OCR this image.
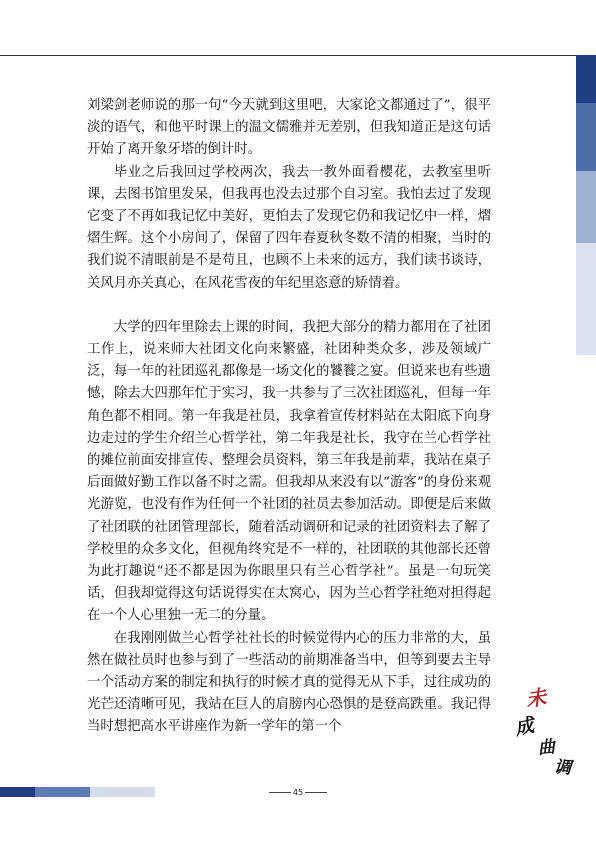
刘梁剑老师说的那一句“今天就到这里吧，大家论文都通过了”，很平淡的语气，和他平时课上的温文儒雅并无差别，但我知道正是这句话开始了离开象牙塔的倒计时。

毕业之后我回过学校两次，我去一教外面看樱花，去教室里听课，去图书馆里发呆，但我再也没去过那个自习室。我怕去过了发现它变了不再如我记忆中美好，更怕去了发现它仍和我记忆中一样，熠熠生辉。这个小房间了，保留了四年春夏秋冬数不清的相聚，当时的我们说不清眼前是不是苟且，也顾不上未来的远方，我们读书谈诗，关风月亦关真心，在风花雪夜的年纪里恣意的矫情着。

大学的四年里除去上课的时间，我把大部分的精力都用在了社团工作上，说来师大社团文化向来繁盛，社团种类众多，涉及领域广泛，每一年的社团巡礼都像是一场文化的饕餮之宴。但说来也有些遗憾，除去大四那年忙于实习，我一共参与了三次社团巡礼，但每一年角色都不相同。第一年我是社员，我拿着宣传材料站在太阳底下向身边走过的学生介绍兰心哲学社，第二年我是社长，我守在兰心哲学社的摊位前面安排宣传、整理会员资料，第三年我是前辈，我站在桌子后面做好勤工作以备不时之需。但我却从来没有以“游客”的身份来观光游览，也没有作为任何一个社团的社员去参加活动。即便是后来做了社团联的社团管理部长，随着活动调研和记录的社团资料去了解了学校里的众多文化，但视角终究是不一样的，社团联的其他部长还曾为此打趣说“还不都是因为你眼里只有兰心哲学社”。虽是一句玩笑话，但我却觉得这句话说得实在太窝心，因为兰心哲学社绝对担得起在一个人心里独一无二的分量。

在我刚刚做兰心哲学社社长的时候觉得内心的压力非常的大，虽然在做社员时也参与到了一些活动的前期准备当中，但等到要去主导一个活动方案的制定和执行的时候才真的觉得无从下手，过往成功的光芒还清晰可见，我站在巨人的肩膀内心恐惧的是登高跌重。我记得当时想把高水平讲座作为新一学年的第一个

未
成
曲
调
45
